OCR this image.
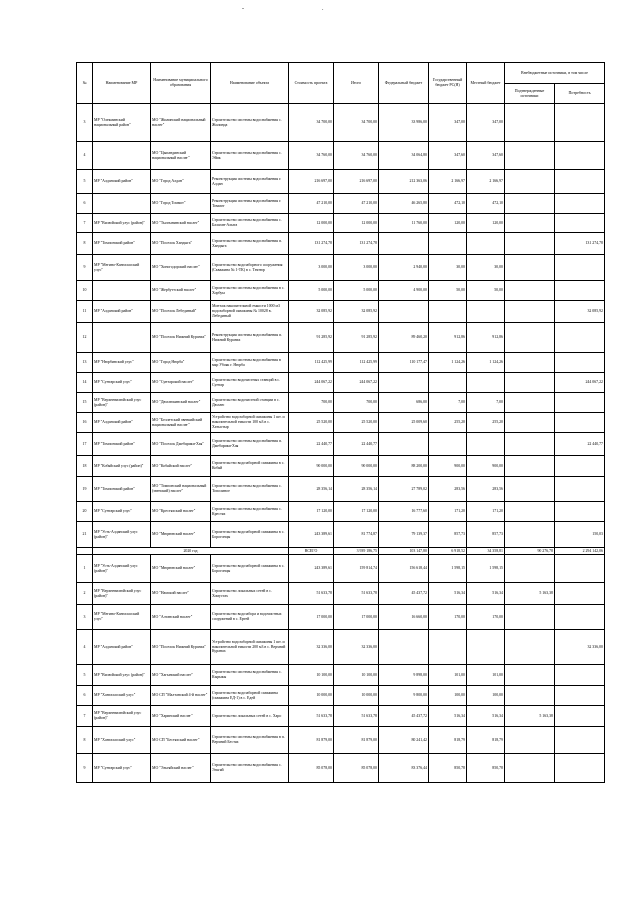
-	.
№	Наименование МР	Наименование муниципального образования	Наименование объекта	Стоимость проекта	Итого	Федеральный бюджет	Государственный бюджет РС(Я)	Местный бюджет	Внебюджетные источники, в том числе	
									Подтвержденные источники	Потребность
3	МР "Олекминский национальный район"	МО "Жилинский национальный наслег"	Строительство системы водоснабжения с. Жилинда	34 700,00	34 700,00	33 986,00	347,00	347,00		
4		МО "Цыпандинский национальный наслег"	Строительство системы водоснабжения с. Эйик	34 760,00	34 760,00	34 064,80	347,60	347,60		
5	МР "Алданский район"	МО "Город Алдан"	Реконструкция системы водоснабжения г. Алдан	216 697,00	216 697,00	212 363,06	2 166,97	2 166,97		
6		МО "Город Томмот"	Реконструкция системы водоснабжения г. Томмот	47 210,00	47 210,00	46 265,80	472,10	472,10		
7	МР "Вилюйский улус (район)"	МО "Тылгынинский наслег"	Строительство системы водоснабжения с. Балаган-Алыта	12 000,00	12 000,00	11 760,00	120,00	120,00		
8	МР "Томпонский район"	МО "Поселок Хандыга"	Строительство системы водоснабжения п. Хандыга	131 274,78	131 274,78					131 274,78
9	МР "Мегино-Кангаласский улус"	МО "Хоногодорский наслег"	Строительство водозаборного сооружения (Скважина № 1-ТК) в с. Тектюр	3 000,00	3 000,00	2 940,00	30,00	30,00		
10		МО "Жербуттский наслег"	Строительство системы водоснабжения в с. Хорбуы	5 000,00	5 000,00	4 900,00	50,00	50,00		
11	МР "Алданский район"	МО "Поселок Лебединый"	Монтаж накопительной емкости 1000 м3 водозаборной скважины № 10028 в. Лебединый	32 085,92	32 085,92					32 085,92
12		МО "Поселок Нижний Куранах"	Реконструкция системы водоснабжения п. Нижний Куранах	91 285,92	91 285,92	89 460,20	912,86	912,86		
13	МР "Нюрбинский улус"	МО "Город Нюрба"	Строительство системы водоснабжения в мкр Убояк г. Нюрба	112 425,99	112 425,99	110 177,47	1 124,26	1 124,26		
14	МР "Сунтарский улус"	МО "Сунтарский наслег"	Строительство водочистных станций в с. Сунтар	244 067,22	244 067,22					244 067,22
15	МР "Верхневилюйский улус (район)"	МО "Дюллюкинский наслег"	Строительство водочистной станции в с. Дюллю	700,00	700,00	686,00	7,00	7,00		
16	МР "Алданский район"	МО "Беллетский эвенкийский национальный наслег"	Устройство водозаборной скважины 1 шт. и накопительной емкости 100 м3 в с. Хатыстыр	25 520,00	25 520,00	25 009,60	255,20	255,20		
17	МР "Томпонский район"	МО "Поселок Джебарики-Хая"	Строительство системы водоснабжения п. Джебарики-Хая	22 440,77	22 440,77					22 440,77
18	МР "Кобяйский улус (район)"	МО "Кобяйский наслег"	Строительство водозаборной скважины в с. Кобяй	90 000,00	90 000,00	88 200,00	900,00	900,00		
19	МР "Томпонский район"	МО "Томпонский национальный (эвенский) наслег"	Строительство системы водоснабжения с. Тополиное	28 356,14	28 356,14	27 789,02	283,56	283,56		
20	МР "Сунтарский улус"	МО "Крестяхский наслег"	Строительство системы водоснабжения с. Крестях	17 120,00	17 120,00	16 777,60	171,20	171,20		
21	МР "Усть-Алданский улус (район)"	МО "Мюрюнский наслег"	Строительство водозаборной скважины в с. Борогонцы	243 389,61	81 774,87	79 139,37	857,73	857,73		150,03
	2020 год			ВСЕГО	3 939 186,75	103 147,80	6 918,52	34 358,81	90 276,78	2 294 142,06
1	МР "Усть-Алданский улус (район)"	МО "Мюрюнский наслег"	Строительство водозаборной скважины в с. Борогонцы	243 389,61	159 814,74	156 618,44	1 598,15	1 598,15		
2	МР "Верхневилюйский улус (район)"	МО "Намский наслег"	Строительство локальных сетей в с. Хомустах	51 633,78	51 633,78	45 437,72	516,34	516,34	5 163,38	
3	МР "Мегино-Кангаласский улус"	МО "Алтанский наслег"	Строительство водозабора и водочистных сооружений в с. Ертей	17 000,00	17 000,00	16 660,00	170,00	170,00		
4	МР "Алданский район"	МО "Поселок Нижний Куранах"	Устройство водозаборной скважины 1 шт. и накопительной емкости 200 м3 в с. Верхний Куранах	32 336,00	32 336,00					32 336,00
5	МР "Вилюйский улус (район)"	МО "Хагынский наслег"	Строительство системы водоснабжения с. Кырыкы	10 100,00	10 100,00	9 898,00	101,00	101,00		
6	МР "Хангаласский улус"	МО СП "Малтанский 4-й наслег"	Строительство водозаборной скважины (скважина ЕД-1) в с. Едей	10 000,00	10 000,00	9 800,00	100,00	100,00		
7	МР "Верхневилюйский улус (район)"	МО "Харинский наслег"	Строительство локальных сетей в с. Харо	51 633,78	51 633,78	45 437,72	516,34	516,34	5 163,38	
8	МР "Хангаласский улус"	МО СП "Бестяхский наслег"	Строительство системы водоснабжения в п. Верхний Бестях	81 879,00	81 879,00	80 241,42	818,79	818,79		
9	МР "Сунтарский улус"	МО "Эльгяйский наслег"	Строительство системы водоснабжения с. Эльгяй	85 078,00	85 078,00	83 376,44	850,78	850,78		
